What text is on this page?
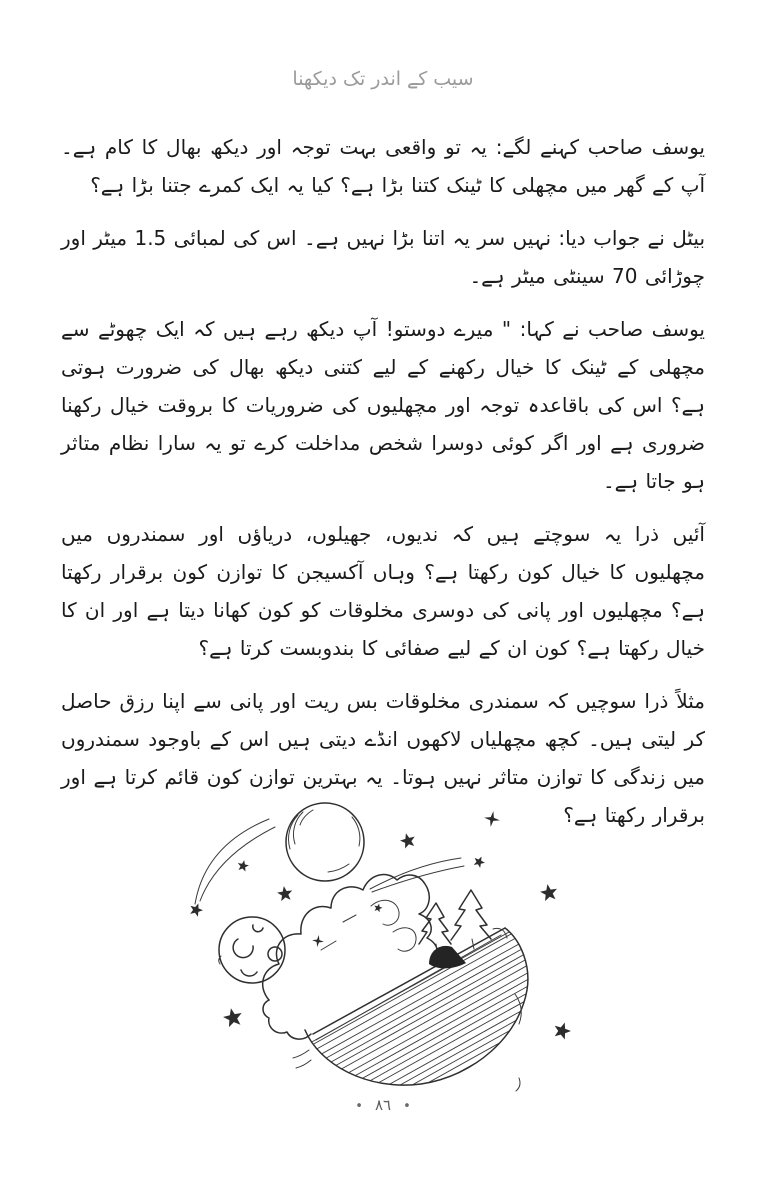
سیب کے اندر تک دیکھنا

یوسف صاحب کہنے لگے: یہ تو واقعی بہت توجہ اور دیکھ بھال کا کام ہے۔ آپ کے گھر میں مچھلی کا ٹینک کتنا بڑا ہے؟ کیا یہ ایک کمرے جتنا بڑا ہے؟

بیٹل نے جواب دیا: نہیں سر یہ اتنا بڑا نہیں ہے۔ اس کی لمبائی 1.5 میٹر اور چوڑائی 70 سینٹی میٹر ہے۔

یوسف صاحب نے کہا: " میرے دوستو! آپ دیکھ رہے ہیں کہ ایک چھوٹے سے مچھلی کے ٹینک کا خیال رکھنے کے لیے کتنی دیکھ بھال کی ضرورت ہوتی ہے؟ اس کی باقاعدہ توجہ اور مچھلیوں کی ضروریات کا بروقت خیال رکھنا ضروری ہے اور اگر کوئی دوسرا شخص مداخلت کرے تو یہ سارا نظام متاثر ہو جاتا ہے۔

آئیں ذرا یہ سوچتے ہیں کہ ندیوں، جھیلوں، دریاؤں اور سمندروں میں مچھلیوں کا خیال کون رکھتا ہے؟ وہاں آکسیجن کا توازن کون برقرار رکھتا ہے؟ مچھلیوں اور پانی کی دوسری مخلوقات کو کون کھانا دیتا ہے اور ان کا خیال رکھتا ہے؟ کون ان کے لیے صفائی کا بندوبست کرتا ہے؟

مثلاً ذرا سوچیں کہ سمندری مخلوقات بس ریت اور پانی سے اپنا رزق حاصل کر لیتی ہیں۔ کچھ مچھلیاں لاکھوں انڈے دیتی ہیں اس کے باوجود سمندروں میں زندگی کا توازن متاثر نہیں ہوتا۔ یہ بہترین توازن کون قائم کرتا ہے اور برقرار رکھتا ہے؟

• ٨٦ •
